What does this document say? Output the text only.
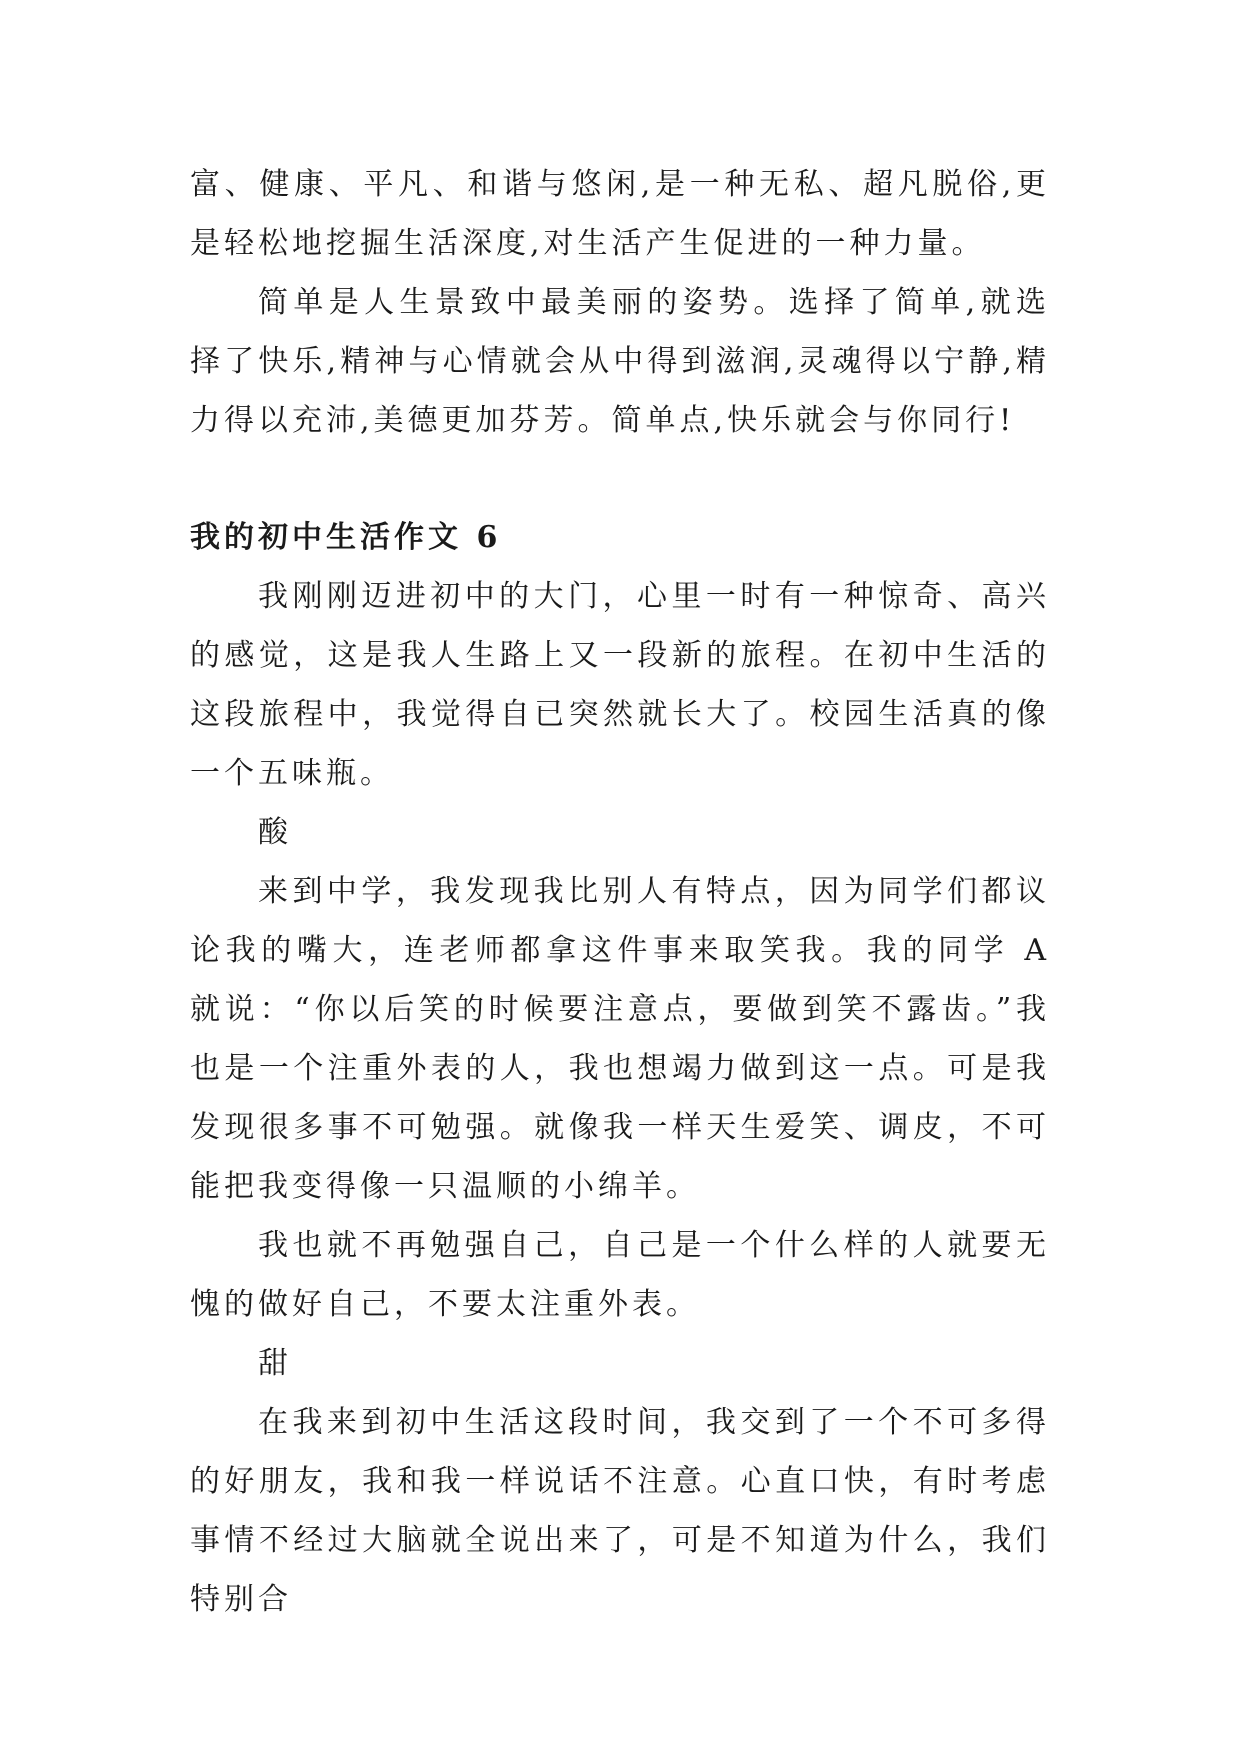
富、健康、平凡、和谐与悠闲,是一种无私、超凡脱俗,更是轻松地挖掘生活深度,对生活产生促进的一种力量。

简单是人生景致中最美丽的姿势。选择了简单,就选择了快乐,精神与心情就会从中得到滋润,灵魂得以宁静,精力得以充沛,美德更加芬芳。简单点,快乐就会与你同行!

我的初中生活作文 6

我刚刚迈进初中的大门，心里一时有一种惊奇、高兴的感觉，这是我人生路上又一段新的旅程。在初中生活的这段旅程中，我觉得自已突然就长大了。校园生活真的像一个五味瓶。

酸

来到中学，我发现我比别人有特点，因为同学们都议论我的嘴大，连老师都拿这件事来取笑我。我的同学 A 就说：“你以后笑的时候要注意点，要做到笑不露齿。”我也是一个注重外表的人，我也想竭力做到这一点。可是我发现很多事不可勉强。就像我一样天生爱笑、调皮，不可能把我变得像一只温顺的小绵羊。

我也就不再勉强自己，自己是一个什么样的人就要无愧的做好自己，不要太注重外表。

甜

在我来到初中生活这段时间，我交到了一个不可多得的好朋友，我和我一样说话不注意。心直口快，有时考虑事情不经过大脑就全说出来了，可是不知道为什么，我们特别合
